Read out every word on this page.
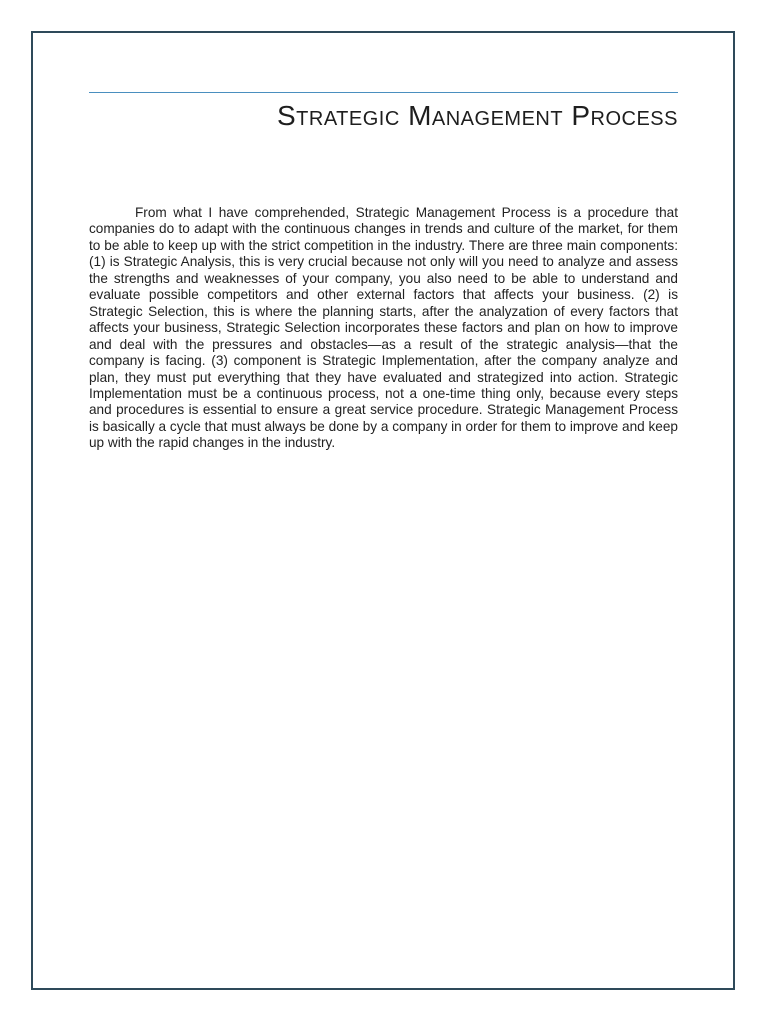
Strategic Management Process

From what I have comprehended, Strategic Management Process is a procedure that companies do to adapt with the continuous changes in trends and culture of the market, for them to be able to keep up with the strict competition in the industry. There are three main components: (1) is Strategic Analysis, this is very crucial because not only will you need to analyze and assess the strengths and weaknesses of your company, you also need to be able to understand and evaluate possible competitors and other external factors that affects your business. (2) is Strategic Selection, this is where the planning starts, after the analyzation of every factors that affects your business, Strategic Selection incorporates these factors and plan on how to improve and deal with the pressures and obstacles—as a result of the strategic analysis—that the company is facing. (3) component is Strategic Implementation, after the company analyze and plan, they must put everything that they have evaluated and strategized into action. Strategic Implementation must be a continuous process, not a one-time thing only, because every steps and procedures is essential to ensure a great service procedure. Strategic Management Process is basically a cycle that must always be done by a company in order for them to improve and keep up with the rapid changes in the industry.
